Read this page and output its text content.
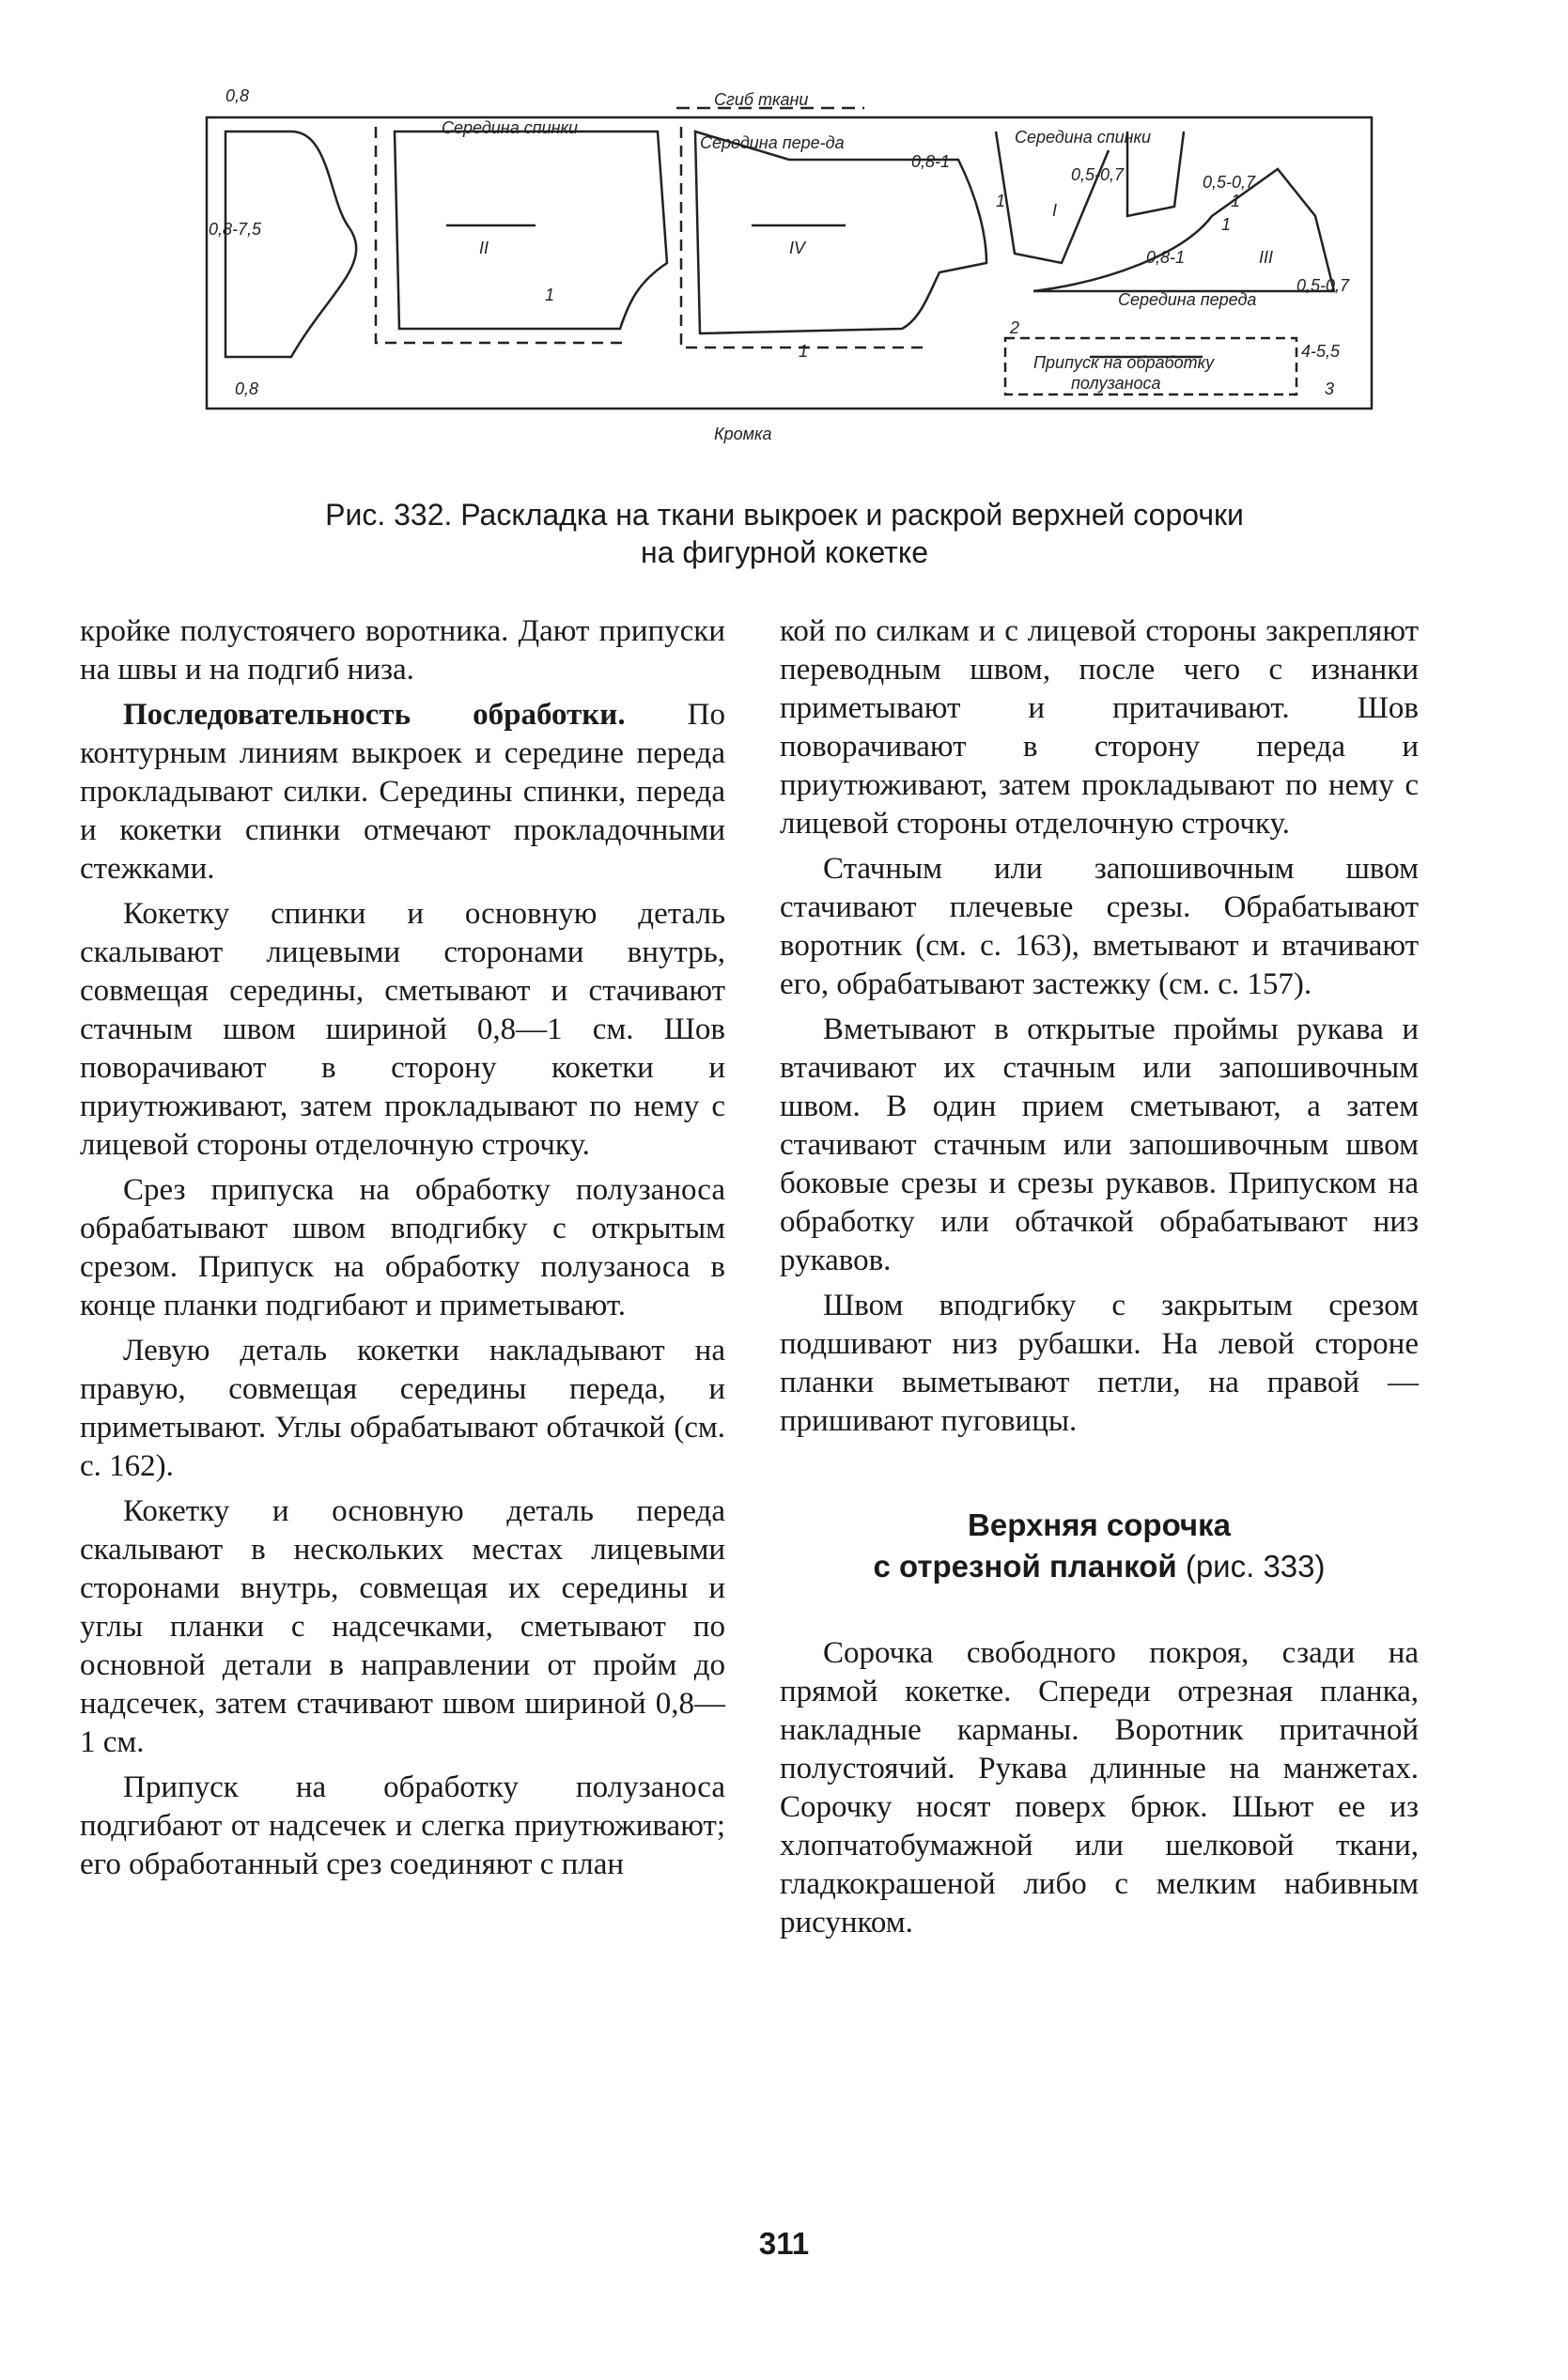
0,8
0,8
0,8-7,5
Сгиб ткани
Кромка
Середина спинки
Середина пере-да	Середина спинки
Середина переда
Припуск на обработку
полузаноса
0,8-1
0,5-0,7
0,5-0,7
0,8-1
0,5-0,7
4-5,5
II	IV
I
III
1
1
1	1
1
2
3
Рис. 332. Раскладка на ткани выкроек и раскрой верхней сорочки
на фигурной кокетке

кройке полустоячего воротника. Дают припуски на швы и на подгиб низа.

Последовательность обработки. По контурным линиям выкроек и середине переда прокладывают силки. Середины спинки, переда и кокетки спинки отмечают прокладочными стежками.

Кокетку спинки и основную деталь скалывают лицевыми сторонами внутрь, совмещая середины, сметывают и стачивают стачным швом шириной 0,8—1 см. Шов поворачивают в сторону кокетки и приутюживают, затем прокладывают по нему с лицевой стороны отделочную строчку.

Срез припуска на обработку полузаноса обрабатывают швом вподгибку с открытым срезом. Припуск на обработку полузаноса в конце планки подгибают и приметывают.

Левую деталь кокетки накладывают на правую, совмещая середины переда, и приметывают. Углы обрабатывают обтачкой (см. с. 162).

Кокетку и основную деталь переда скалывают в нескольких местах лицевыми сторонами внутрь, совмещая их середины и углы планки с надсечками, сметывают по основной детали в направлении от пройм до надсечек, затем стачивают швом шириной 0,8—1 см.

Припуск на обработку полузаноса подгибают от надсечек и слегка приутюживают; его обработанный срез соединяют с план

кой по силкам и с лицевой стороны закрепляют переводным швом, после чего с изнанки приметывают и притачивают. Шов поворачивают в сторону переда и приутюживают, затем прокладывают по нему с лицевой стороны отделочную строчку.

Стачным или запошивочным швом стачивают плечевые срезы. Обрабатывают воротник (см. с. 163), вметывают и втачивают его, обрабатывают застежку (см. с. 157).

Вметывают в открытые проймы рукава и втачивают их стачным или запошивочным швом. В один прием сметывают, а затем стачивают стачным или запошивочным швом боковые срезы и срезы рукавов. Припуском на обработку или обтачкой обрабатывают низ рукавов.

Швом вподгибку с закрытым срезом подшивают низ рубашки. На левой стороне планки выметывают петли, на правой — пришивают пуговицы.

Верхняя сорочка
с отрезной планкой (рис. 333)

Сорочка свободного покроя, сзади на прямой кокетке. Спереди отрезная планка, накладные карманы. Воротник притачной полустоячий. Рукава длинные на манжетах. Сорочку носят поверх брюк. Шьют ее из хлопчатобумажной или шелковой ткани, гладкокрашеной либо с мелким набивным рисунком.

311
